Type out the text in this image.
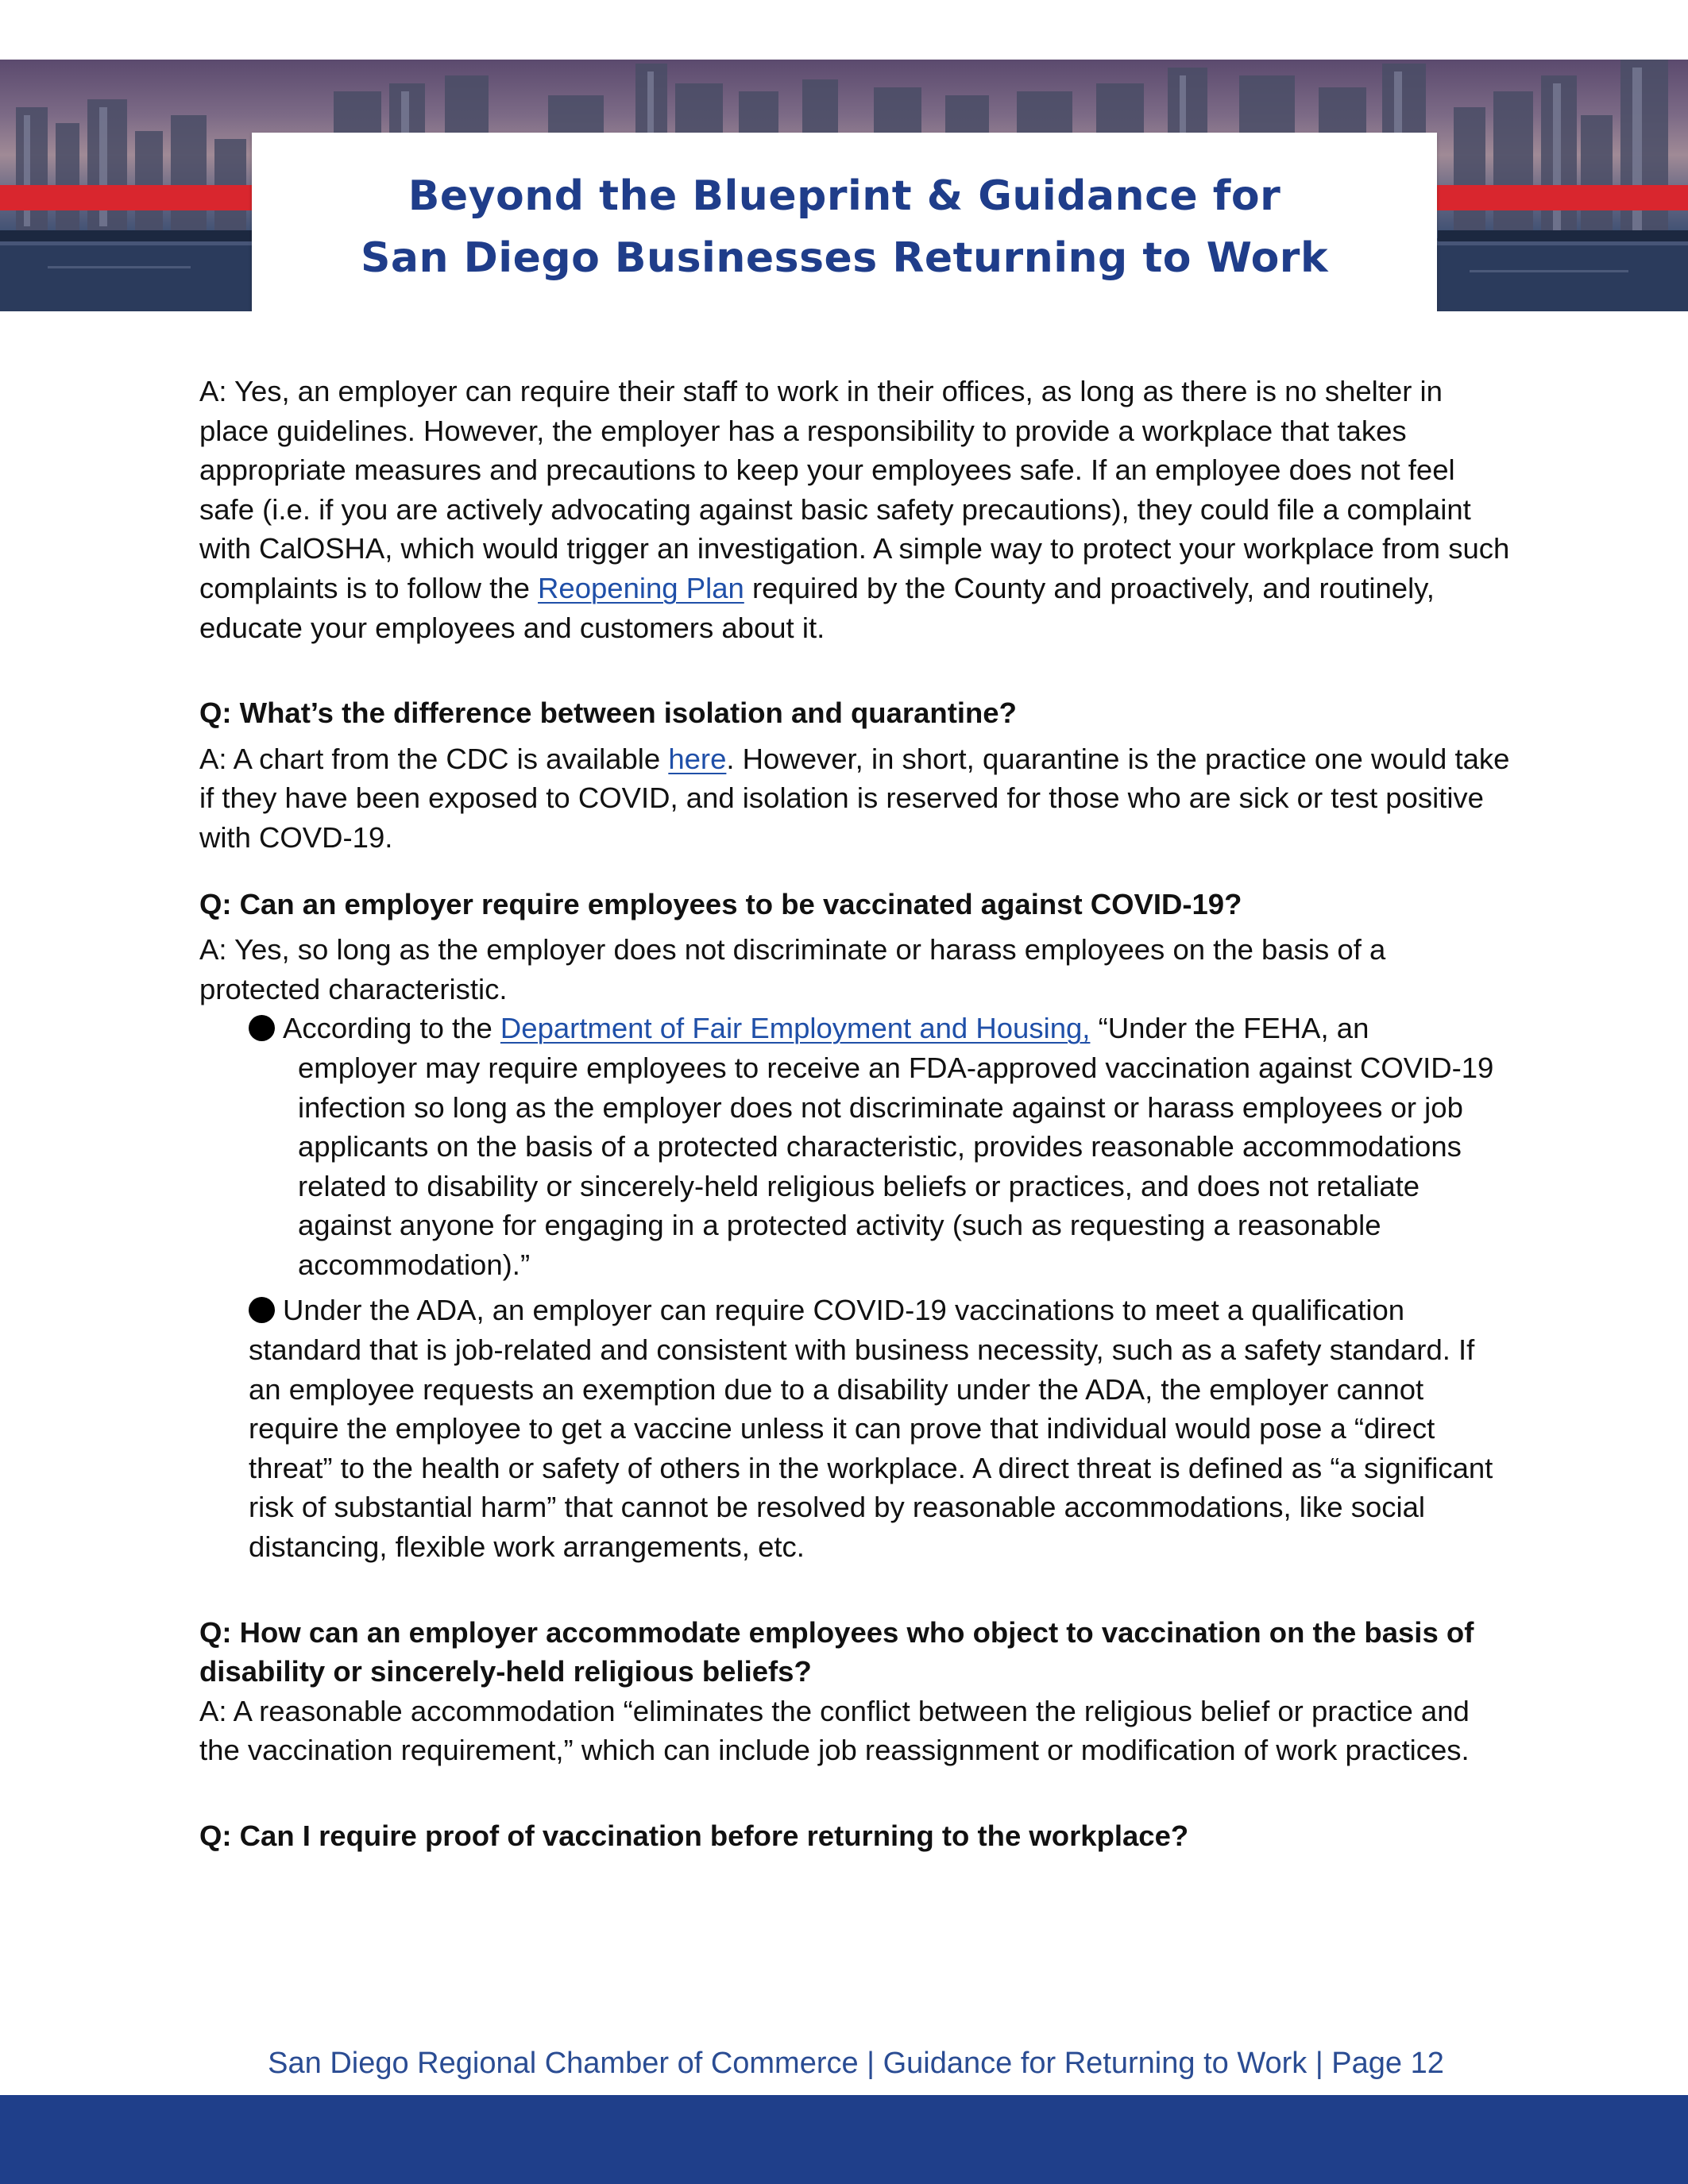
Beyond the Blueprint & Guidance for
San Diego Businesses Returning to Work

A: Yes, an employer can require their staff to work in their offices, as long as there is no shelter in place guidelines. However, the employer has a responsibility to provide a workplace that takes appropriate measures and precautions to keep your employees safe. If an employee does not feel safe (i.e. if you are actively advocating against basic safety precautions), they could file a complaint with CalOSHA, which would trigger an investigation. A simple way to protect your workplace from such complaints is to follow the Reopening Plan required by the County and proactively, and routinely, educate your employees and customers about it.

Q: What’s the difference between isolation and quarantine?

A: A chart from the CDC is available here. However, in short, quarantine is the practice one would take if they have been exposed to COVID, and isolation is reserved for those who are sick or test positive with COVD-19.

Q: Can an employer require employees to be vaccinated against COVID-19?

A: Yes, so long as the employer does not discriminate or harass employees on the basis of a protected characteristic.

According to the Department of Fair Employment and Housing, “Under the FEHA, an
employer may require employees to receive an FDA-approved vaccination against COVID-19 infection so long as the employer does not discriminate against or harass employees or job applicants on the basis of a protected characteristic, provides reasonable accommodations related to disability or sincerely-held religious beliefs or practices, and does not retaliate against anyone for engaging in a protected activity (such as requesting a reasonable accommodation).”
Under the ADA, an employer can require COVID-19 vaccinations to meet a qualification standard that is job-related and consistent with business necessity, such as a safety standard. If an employee requests an exemption due to a disability under the ADA, the employer cannot require the employee to get a vaccine unless it can prove that individual would pose a “direct threat” to the health or safety of others in the workplace. A direct threat is defined as “a significant risk of substantial harm” that cannot be resolved by reasonable accommodations, like social distancing, flexible work arrangements, etc.

Q: How can an employer accommodate employees who object to vaccination on the basis of disability or sincerely-held religious beliefs?

A: A reasonable accommodation “eliminates the conflict between the religious belief or practice and the vaccination requirement,” which can include job reassignment or modification of work practices.

Q: Can I require proof of vaccination before returning to the workplace?

San Diego Regional Chamber of Commerce | Guidance for Returning to Work | Page 12
